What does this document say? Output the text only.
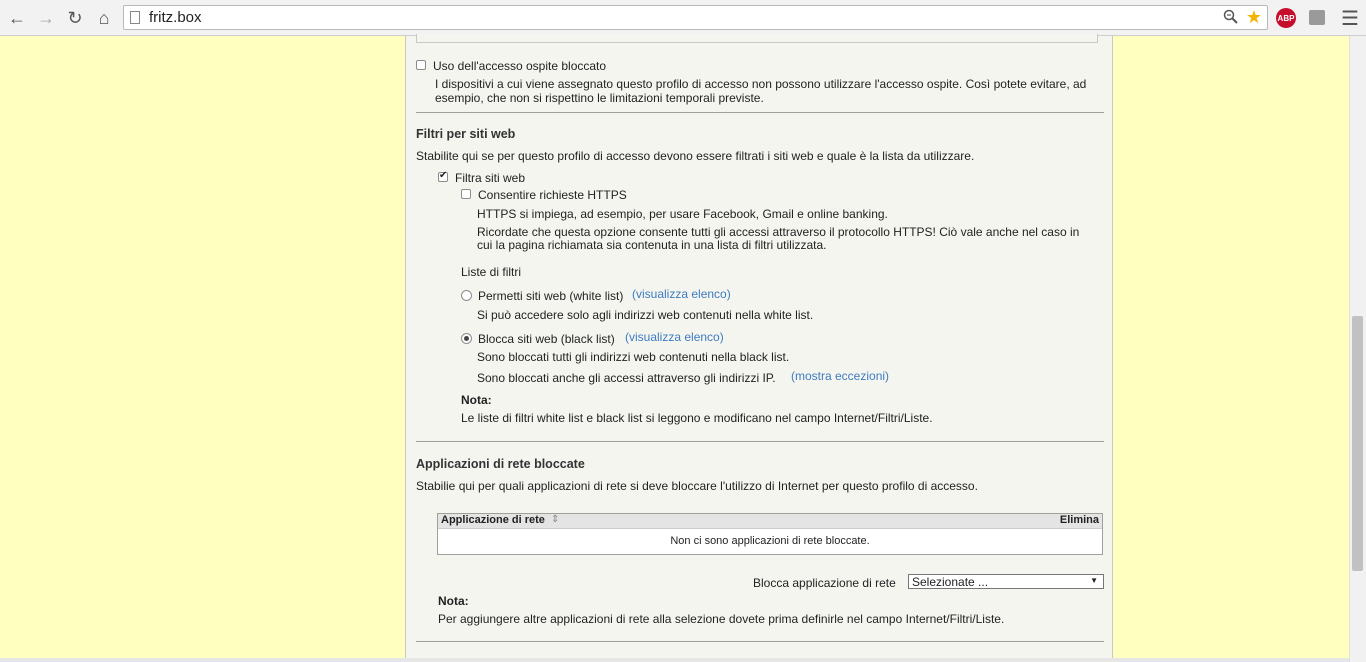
← → ↻ ⌂	fritz.box	★ ABP ☰
Uso dell'accesso ospite bloccato
I dispositivi a cui viene assegnato questo profilo di accesso non possono utilizzare l'accesso ospite. Così potete evitare, ad
esempio, che non si rispettino le limitazioni temporali previste.
Filtri per siti web
Stabilite qui se per questo profilo di accesso devono essere filtrati i siti web e quale è la lista da utilizzare.
✔
Filtra siti web
Consentire richieste HTTPS
HTTPS si impiega, ad esempio, per usare Facebook, Gmail e online banking.
Ricordate che questa opzione consente tutti gli accessi attraverso il protocollo HTTPS! Ciò vale anche nel caso in
cui la pagina richiamata sia contenuta in una lista di filtri utilizzata.
Liste di filtri
Permetti siti web (white list) (visualizza elenco)
Si può accedere solo agli indirizzi web contenuti nella white list.
Blocca siti web (black list) (visualizza elenco)
Sono bloccati tutti gli indirizzi web contenuti nella black list.
Sono bloccati anche gli accessi attraverso gli indirizzi IP. (mostra eccezioni)
Nota:
Le liste di filtri white list e black list si leggono e modificano nel campo Internet/Filtri/Liste.
Applicazioni di rete bloccate
Stabilie qui per quali applicazioni di rete si deve bloccare l'utilizzo di Internet per questo profilo di accesso.
Applicazione di rete ⇕	Elimina
Non ci sono applicazioni di rete bloccate.
Blocca applicazione di rete Selezionate ...	▼
Nota:
Per aggiungere altre applicazioni di rete alla selezione dovete prima definirle nel campo Internet/Filtri/Liste.
